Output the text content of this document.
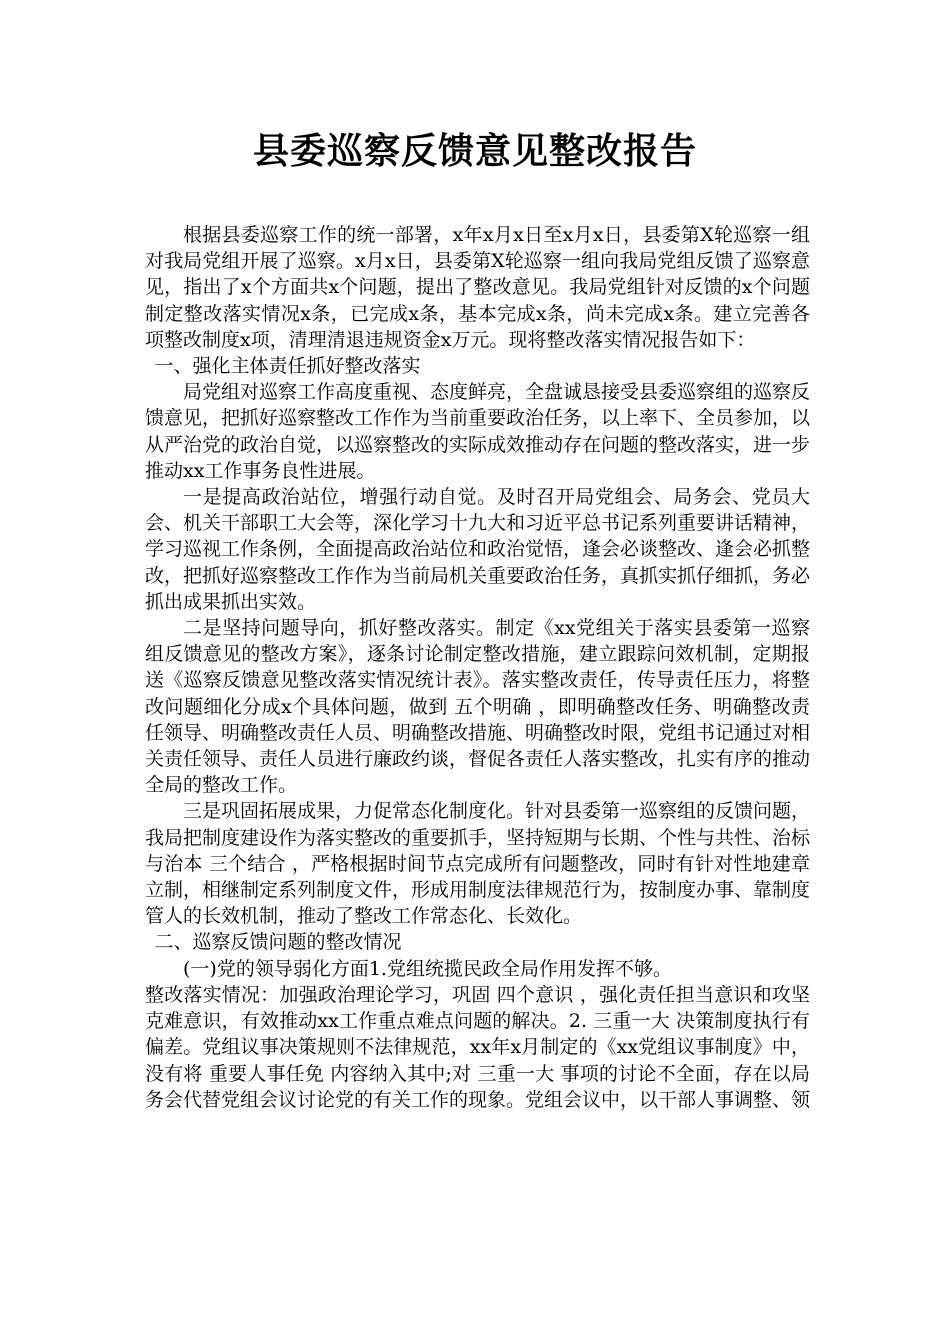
县委巡察反馈意见整改报告

根据县委巡察工作的统一部署，x年x月x日至x月x日，县委第X轮巡察一组对我局党组开展了巡察。x月x日，县委第X轮巡察一组向我局党组反馈了巡察意见，指出了x个方面共x个问题，提出了整改意见。我局党组针对反馈的x个问题制定整改落实情况x条，已完成x条，基本完成x条，尚未完成x条。建立完善各项整改制度x项，清理清退违规资金x万元。现将整改落实情况报告如下：

一、强化主体责任抓好整改落实

局党组对巡察工作高度重视、态度鲜亮，全盘诚恳接受县委巡察组的巡察反馈意见，把抓好巡察整改工作作为当前重要政治任务，以上率下、全员参加，以从严治党的政治自觉，以巡察整改的实际成效推动存在问题的整改落实，进一步推动xx工作事务良性进展。

一是提高政治站位，增强行动自觉。及时召开局党组会、局务会、党员大会、机关干部职工大会等，深化学习十九大和习近平总书记系列重要讲话精神，学习巡视工作条例，全面提高政治站位和政治觉悟，逢会必谈整改、逢会必抓整改，把抓好巡察整改工作作为当前局机关重要政治任务，真抓实抓仔细抓，务必抓出成果抓出实效。

二是坚持问题导向，抓好整改落实。制定《xx党组关于落实县委第一巡察组反馈意见的整改方案》，逐条讨论制定整改措施，建立跟踪问效机制，定期报送《巡察反馈意见整改落实情况统计表》。落实整改责任，传导责任压力，将整改问题细化分成x个具体问题，做到 五个明确 ，即明确整改任务、明确整改责任领导、明确整改责任人员、明确整改措施、明确整改时限，党组书记通过对相关责任领导、责任人员进行廉政约谈，督促各责任人落实整改，扎实有序的推动全局的整改工作。

三是巩固拓展成果，力促常态化制度化。针对县委第一巡察组的反馈问题，我局把制度建设作为落实整改的重要抓手，坚持短期与长期、个性与共性、治标与治本 三个结合 ，严格根据时间节点完成所有问题整改，同时有针对性地建章立制，相继制定系列制度文件，形成用制度法律规范行为，按制度办事、靠制度管人的长效机制，推动了整改工作常态化、长效化。

二、巡察反馈问题的整改情况

(一)党的领导弱化方面1.党组统揽民政全局作用发挥不够。

整改落实情况：加强政治理论学习，巩固 四个意识 ，强化责任担当意识和攻坚克难意识，有效推动xx工作重点难点问题的解决。2. 三重一大 决策制度执行有偏差。党组议事决策规则不法律规范，xx年x月制定的《xx党组议事制度》中，没有将 重要人事任免 内容纳入其中;对 三重一大 事项的讨论不全面，存在以局务会代替党组会议讨论党的有关工作的现象。党组会议中，以干部人事调整、领
